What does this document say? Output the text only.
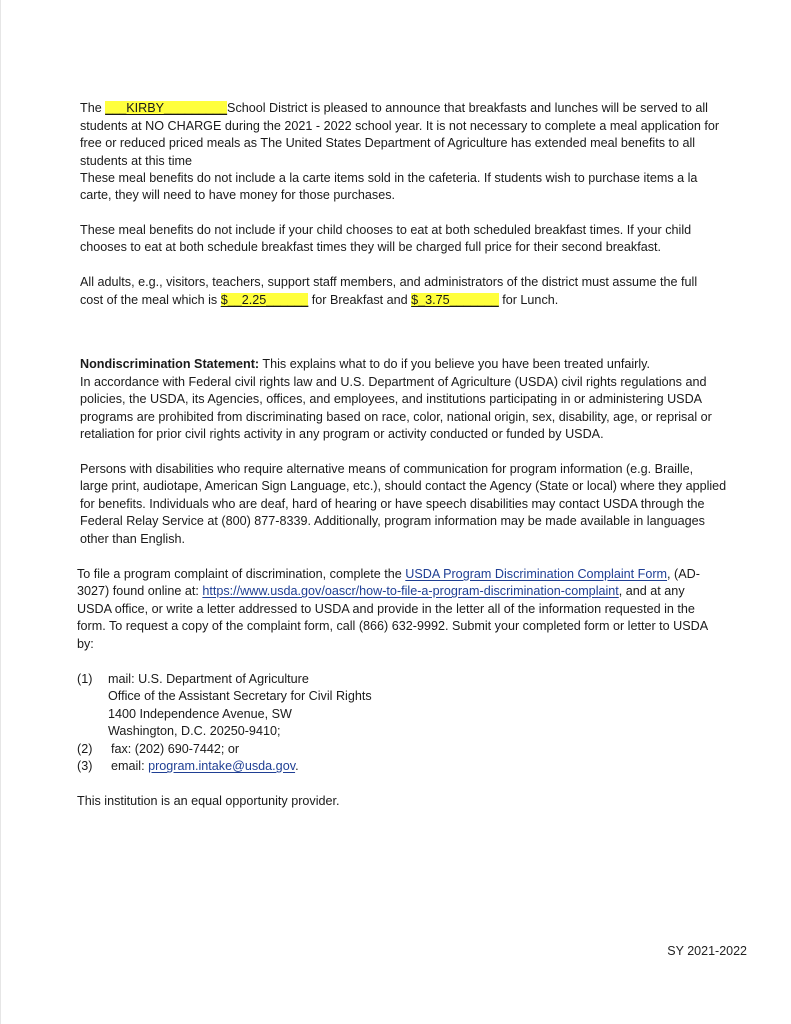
The ___KIRBY_________School District is pleased to announce that breakfasts and lunches will be served to all
students at NO CHARGE during the 2021 - 2022 school year. It is not necessary to complete a meal application for
free or reduced priced meals as The United States Department of Agriculture has extended meal benefits to all
students at this time
These meal benefits do not include a la carte items sold in the cafeteria. If students wish to purchase items a la
carte, they will need to have money for those purchases.
These meal benefits do not include if your child chooses to eat at both scheduled breakfast times. If your child
chooses to eat at both schedule breakfast times they will be charged full price for their second breakfast.
All adults, e.g., visitors, teachers, support staff members, and administrators of the district must assume the full
cost of the meal which is $__2.25______ for Breakfast and $_3.75_______ for Lunch.
Nondiscrimination Statement: This explains what to do if you believe you have been treated unfairly.
In accordance with Federal civil rights law and U.S. Department of Agriculture (USDA) civil rights regulations and
policies, the USDA, its Agencies, offices, and employees, and institutions participating in or administering USDA
programs are prohibited from discriminating based on race, color, national origin, sex, disability, age, or reprisal or
retaliation for prior civil rights activity in any program or activity conducted or funded by USDA.
Persons with disabilities who require alternative means of communication for program information (e.g. Braille,
large print, audiotape, American Sign Language, etc.), should contact the Agency (State or local) where they applied
for benefits. Individuals who are deaf, hard of hearing or have speech disabilities may contact USDA through the
Federal Relay Service at (800) 877-8339. Additionally, program information may be made available in languages
other than English.
To file a program complaint of discrimination, complete the USDA Program Discrimination Complaint Form, (AD-
3027) found online at: https://www.usda.gov/oascr/how-to-file-a-program-discrimination-complaint, and at any
USDA office, or write a letter addressed to USDA and provide in the letter all of the information requested in the
form. To request a copy of the complaint form, call (866) 632-9992. Submit your completed form or letter to USDA
by:
(1) mail: U.S. Department of Agriculture
Office of the Assistant Secretary for Civil Rights
1400 Independence Avenue, SW
Washington, D.C. 20250-9410;
(2) fax: (202) 690-7442; or
(3) email: program.intake@usda.gov.
This institution is an equal opportunity provider.
SY 2021-2022
